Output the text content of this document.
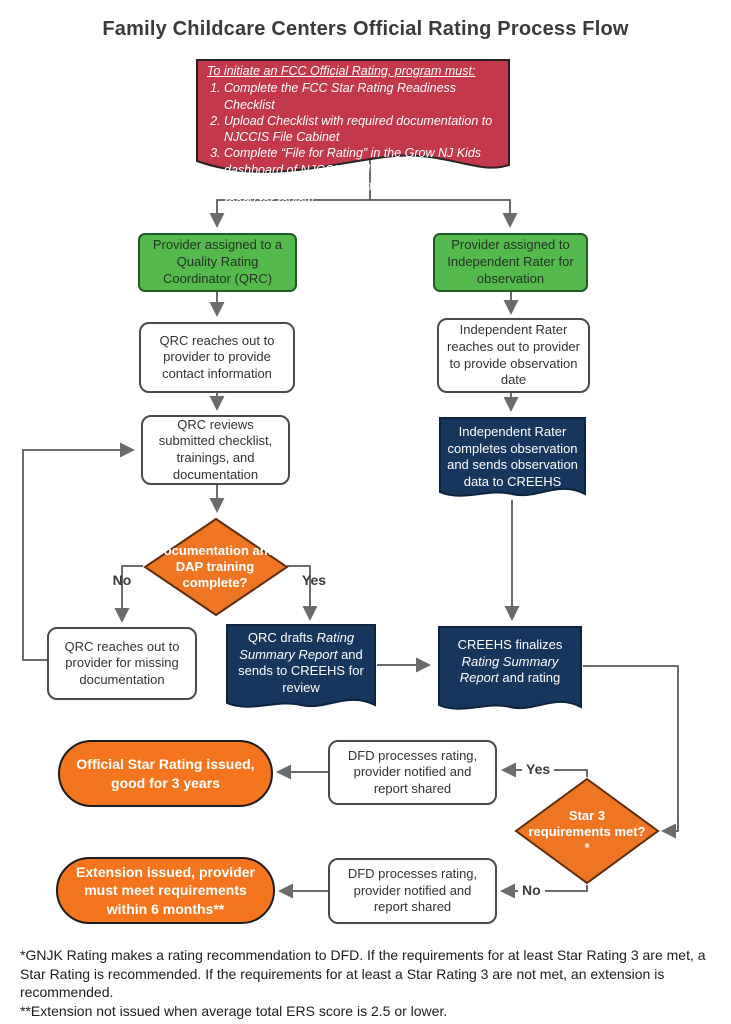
Family Childcare Centers Official Rating Process Flow

To initiate an FCC Official Rating, program must:

1. Complete the FCC Star Rating Readiness Checklist
2. Upload Checklist with required documentation to NJCCIS File Cabinet
3. Complete “File for Rating” in the Grow NJ Kids dashboard of NJCCIS and email gnjkrating@montclair.edu to notify submission is ready for review
Provider assigned to a Quality Rating Coordinator (QRC)
Provider assigned to Independent Rater for observation
QRC reaches out to provider to provide contact information
QRC reviews submitted checklist, trainings, and documentation
QRC reaches out to provider for missing documentation
Independent Rater reaches out to provider to provide observation date
Independent Rater completes observation and sends observation data to CREEHS
Documentation and DAP training complete?
QRC drafts Rating Summary Report and sends to CREEHS for review
CREEHS finalizes Rating Summary Report and rating
Star 3 requirements met?*
DFD processes rating, provider notified and report shared
DFD processes rating, provider notified and report shared
Official Star Rating issued, good for 3 years
Extension issued, provider must meet requirements within 6 months**
No	Yes
Yes
No

*GNJK Rating makes a rating recommendation to DFD. If the requirements for at least Star Rating 3 are met, a Star Rating is recommended. If the requirements for at least a Star Rating 3 are not met, an extension is recommended.

**Extension not issued when average total ERS score is 2.5 or lower.
